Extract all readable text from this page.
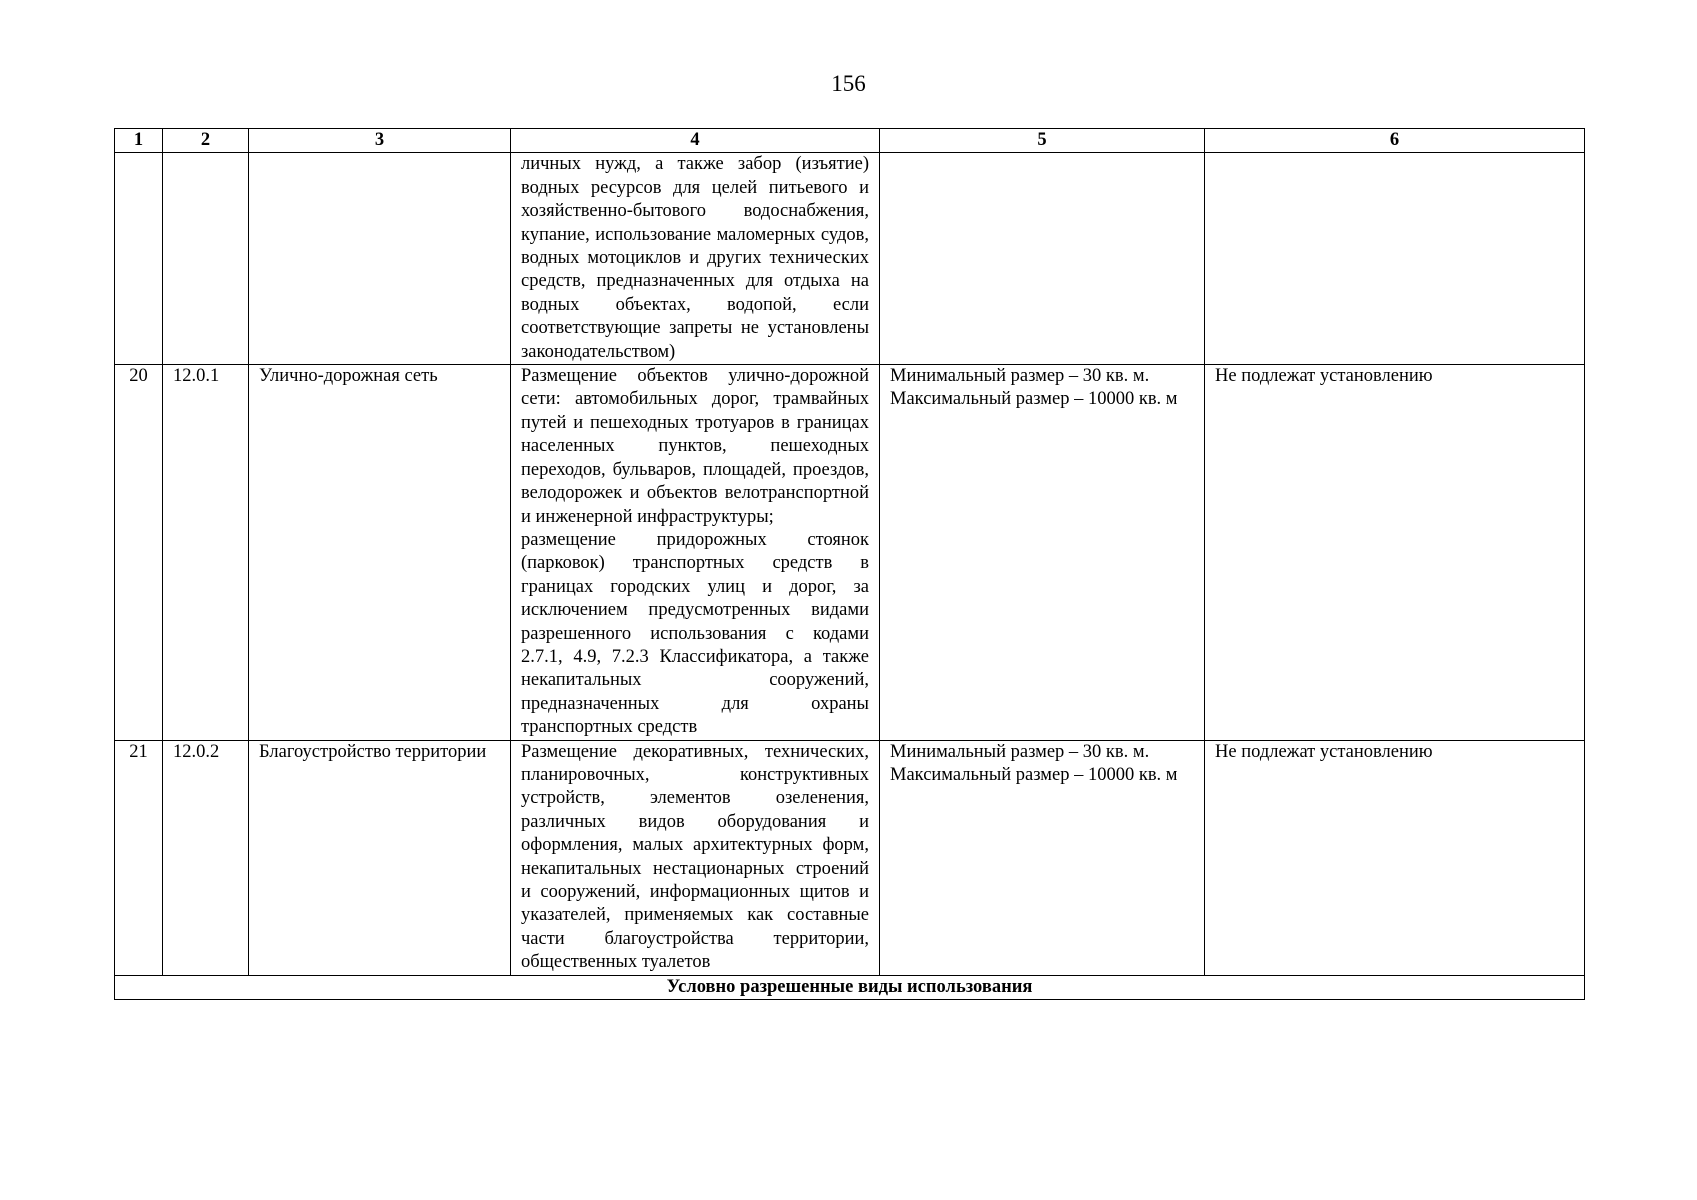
156
1	2	3	4	5	6
			личных нужд, а также забор (изъятие) водных ресурсов для целей питьевого и хозяйственно-бытового водоснабжения, купание, использование маломерных судов, водных мотоциклов и других технических средств, предназначенных для отдыха на водных объектах, водопой, если соответствующие запреты не установлены законодательством)		
20	12.0.1	Улично-дорожная сеть	Размещение объектов улично-дорожной сети: автомобильных дорог, трамвайных путей и пешеходных тротуаров в границах населенных пунктов, пешеходных переходов, бульваров, площадей, проездов, велодорожек и объектов велотранспортной и инженерной инфраструктуры;
размещение придорожных стоянок (парковок) транспортных средств в границах городских улиц и дорог, за исключением предусмотренных видами разрешенного использования с кодами 2.7.1, 4.9, 7.2.3 Классификатора, а также некапитальных сооружений, предназначенных для охраны транспортных средств	Минимальный размер – 30 кв. м.
Максимальный размер – 10000 кв. м	Не подлежат установлению
21	12.0.2	Благоустройство территории	Размещение декоративных, технических, планировочных, конструктивных устройств, элементов озеленения, различных видов оборудования и оформления, малых архитектурных форм, некапитальных нестационарных строений и сооружений, информационных щитов и указателей, применяемых как составные части благоустройства территории, общественных туалетов	Минимальный размер – 30 кв. м.
Максимальный размер – 10000 кв. м	Не подлежат установлению
Условно разрешенные виды использования					
